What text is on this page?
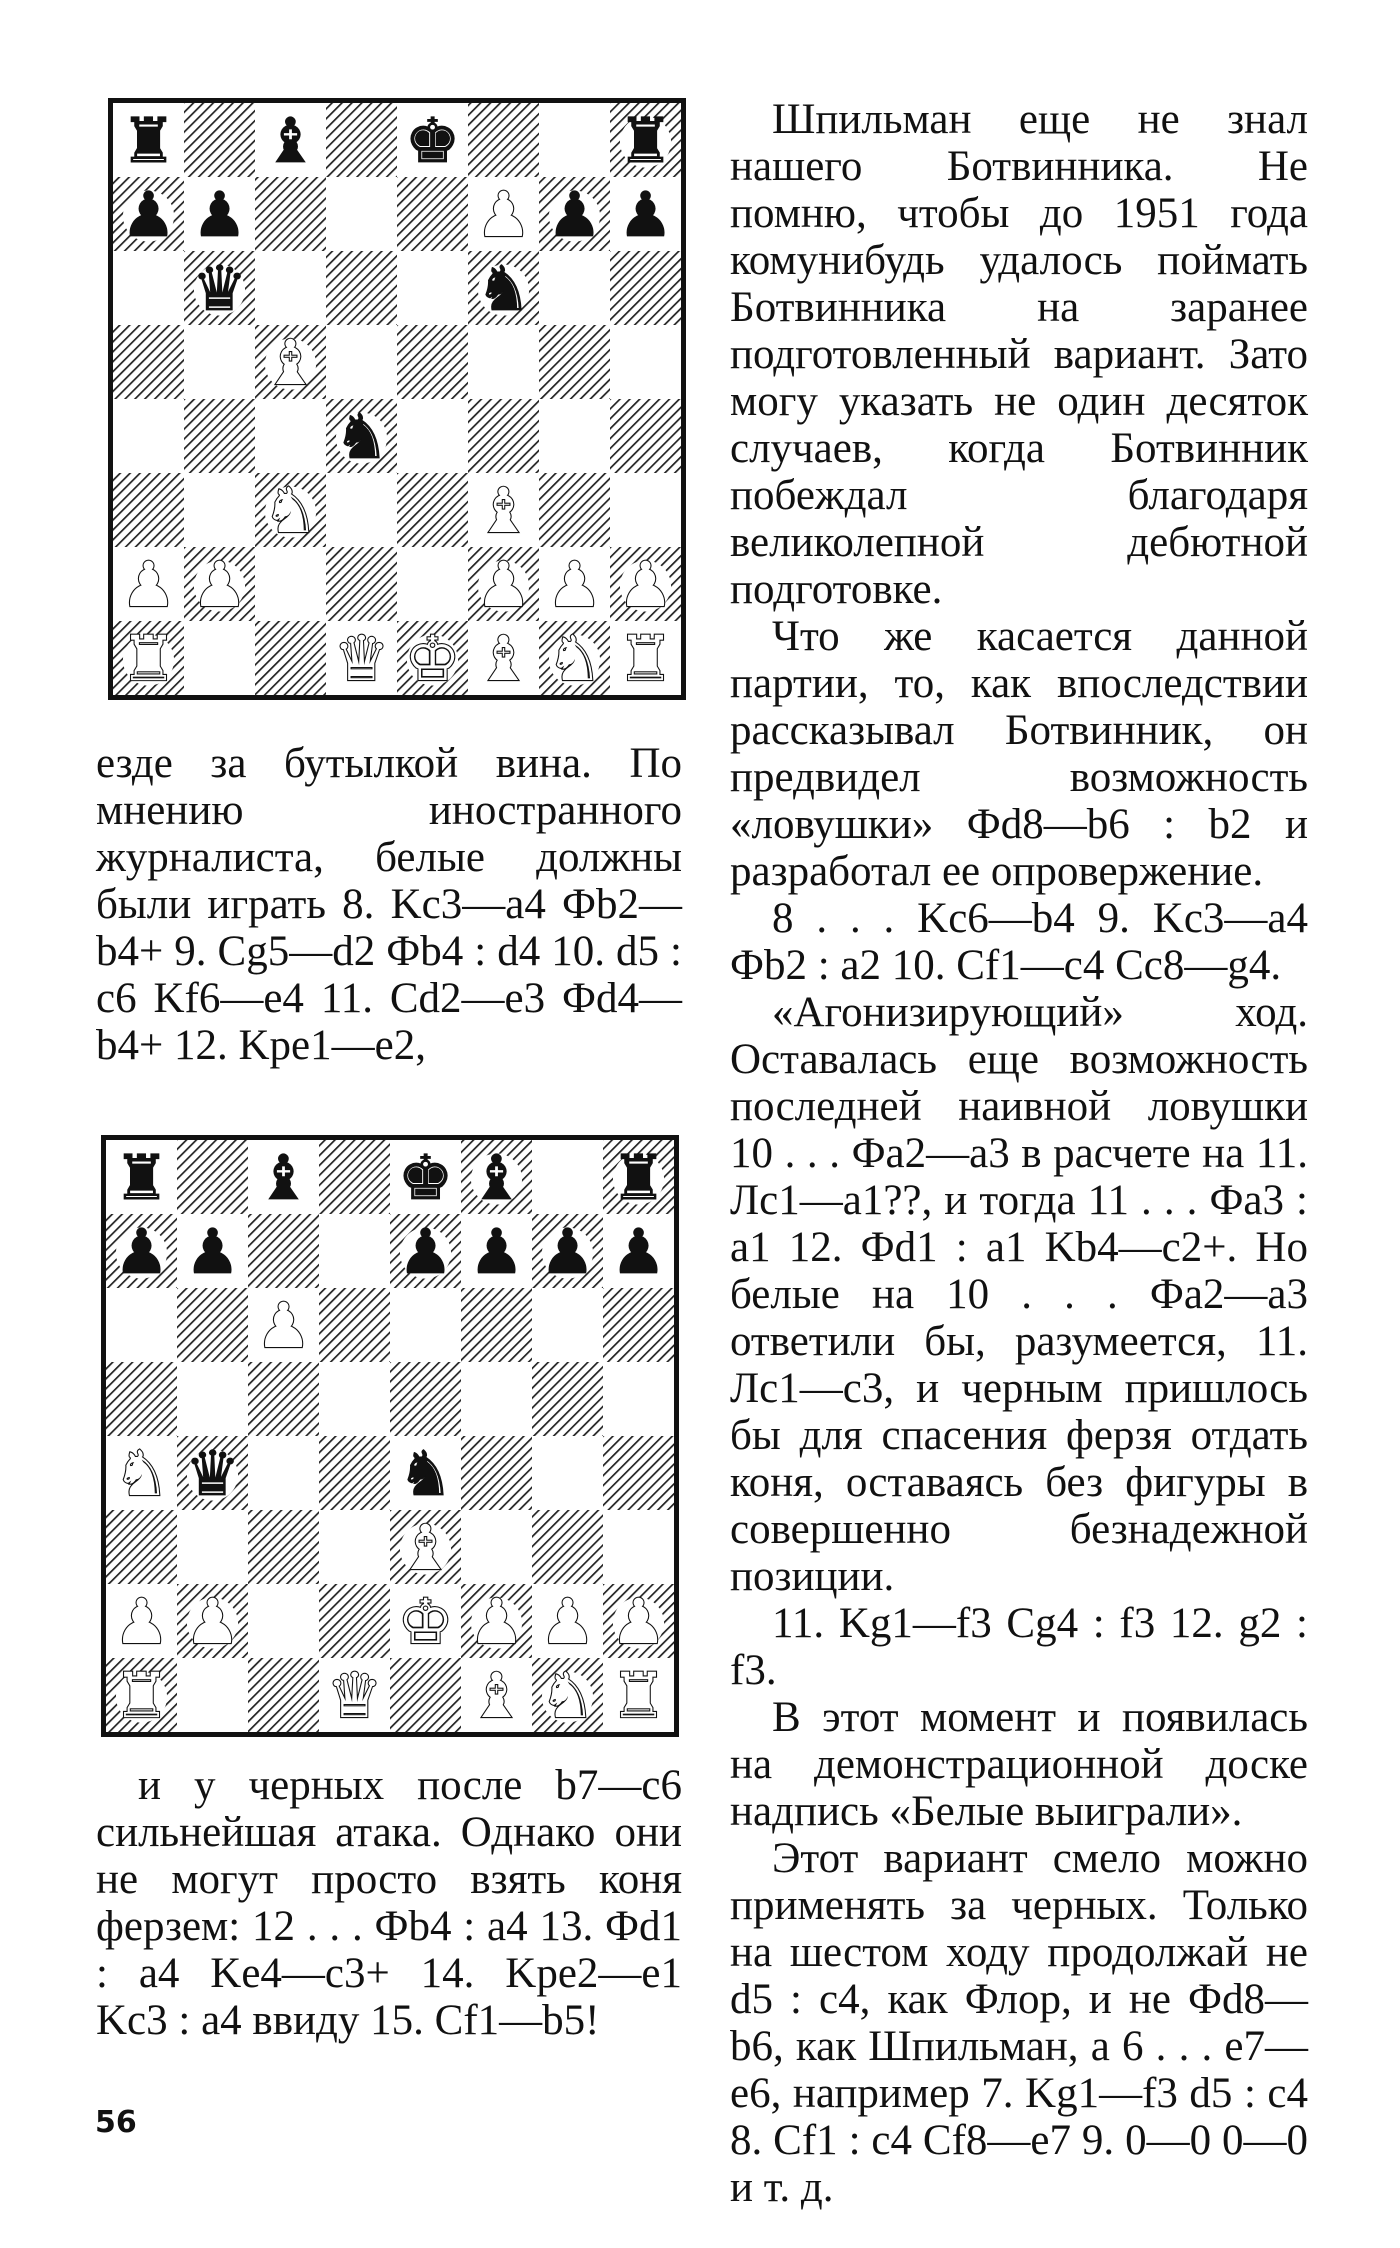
♜ ♝ ♚	♜
♟ ♟	♟ ♟ ♟
♛	♞
♝
♞
♞	♝
♟ ♟	♟ ♟ ♟
♜	♛ ♚ ♝ ♞ ♜
♜ ♝ ♚ ♝ ♜
♟ ♟	♟ ♟ ♟ ♟
♟
♞ ♛	♞
♝
♟ ♟	♚ ♟ ♟ ♟
♜	♛ ♝ ♞ ♜

езде за бутылкой вина. По мнению иностранного журналиста, белые должны были играть 8. Kc3—a4 Фb2—b4+ 9. Cg5—d2 Фb4 : d4 10. d5 : c6 Kf6—e4 11. Cd2—e3 Фd4—b4+ 12. Kpe1—e2,

и у черных после b7—c6 сильнейшая атака. Однако они не могут просто взять коня ферзем: 12 . . . Фb4 : a4 13. Фd1 : a4 Ke4—c3+ 14. Kpe2—e1 Kc3 : a4 ввиду 15. Cf1—b5!

Шпильман еще не знал нашего Ботвинника. Не помню, чтобы до 1951 года комунибудь удалось поймать Ботвинника на заранее подготовленный вариант. Зато могу указать не один десяток случаев, когда Ботвинник побеждал благодаря великолепной дебютной подготовке.

Что же касается данной партии, то, как впоследствии рассказывал Ботвинник, он предвидел возможность «ловушки» Фd8—b6 : b2 и разработал ее опровержение.

8 . . . Kc6—b4 9. Kc3—a4 Фb2 : a2 10. Cf1—c4 Cc8—g4.

«Агонизирующий» ход. Оставалась еще возможность последней наивной ловушки 10 . . . Фa2—a3 в расчете на 11. Лc1—a1??, и тогда 11 . . . Фa3 : a1 12. Фd1 : a1 Kb4—c2+. Но белые на 10 . . . Фa2—a3 ответили бы, разумеется, 11. Лc1—c3, и черным пришлось бы для спасения ферзя отдать коня, оставаясь без фигуры в совершенно безнадежной позиции.

11. Kg1—f3 Cg4 : f3 12. g2 : f3.

В этот момент и появилась на демонстрационной доске надпись «Белые выиграли».

Этот вариант смело можно применять за черных. Только на шестом ходу продолжай не d5 : c4, как Флор, и не Фd8—b6, как Шпильман, а 6 . . . e7—e6, например 7. Kg1—f3 d5 : c4 8. Cf1 : c4 Cf8—e7 9. 0—0 0—0 и т. д.

56
